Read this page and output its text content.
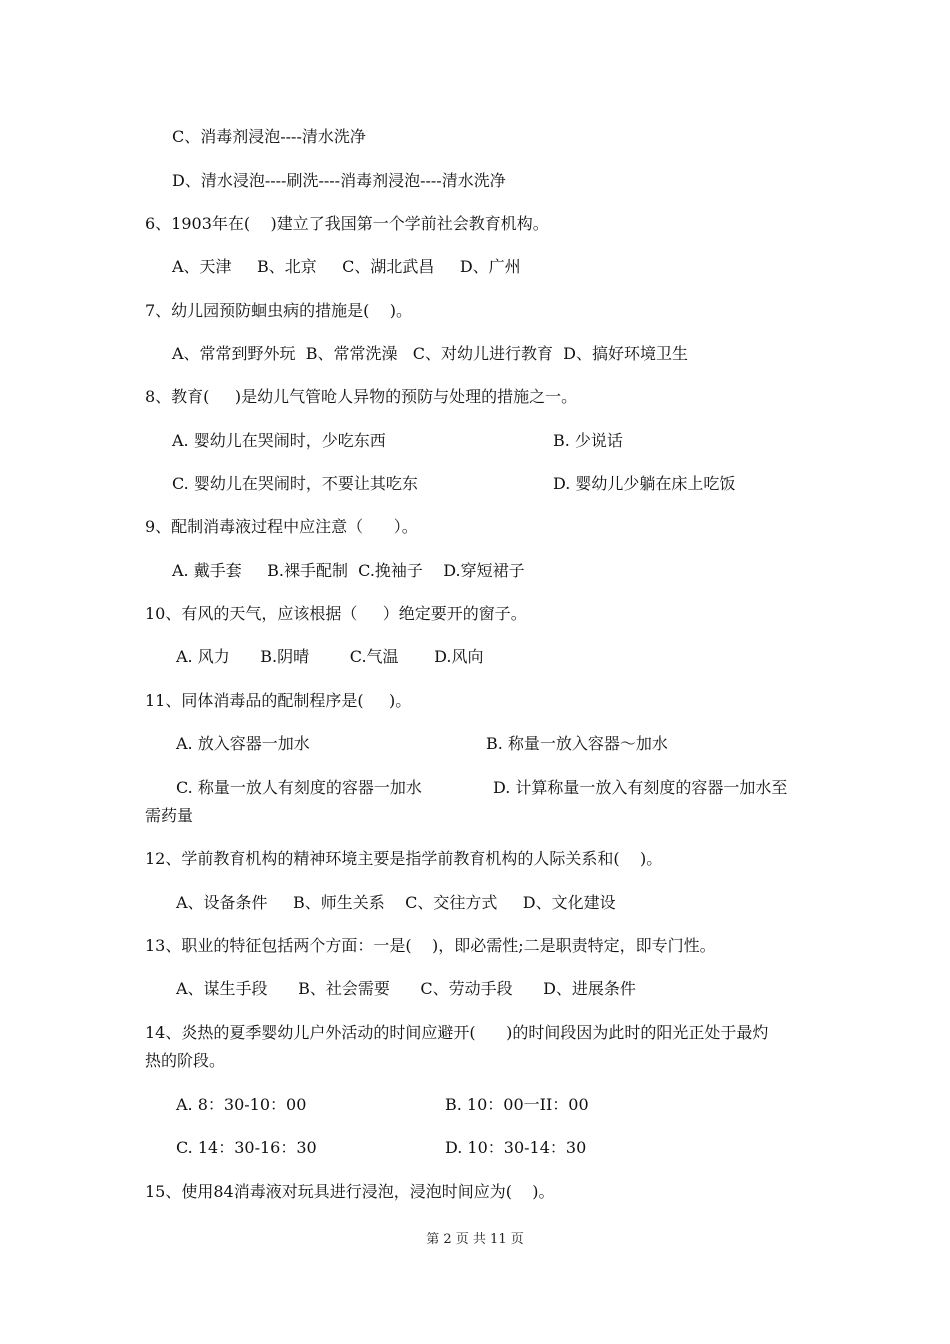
C、消毒剂浸泡----清水洗净
D、清水浸泡----刷洗----消毒剂浸泡----清水洗净
6、1903年在(    )建立了我国第一个学前社会教育机构。
A、天津     B、北京     C、湖北武昌     D、广州
7、幼儿园预防蛔虫病的措施是(    )。
A、常常到野外玩  B、常常洗澡   C、对幼儿进行教育  D、搞好环境卫生
8、教育(     )是幼儿气管呛人异物的预防与处理的措施之一。
A. 婴幼儿在哭闹时，少吃东西	B. 少说话
C. 婴幼儿在哭闹时，不要让其吃东	D. 婴幼儿少躺在床上吃饭
9、配制消毒液过程中应注意（      ）。
A. 戴手套     B.裸手配制  C.挽袖子    D.穿短裙子
10、有风的天气，应该根据（     ）绝定要开的窗子。
A. 风力      B.阴晴        C.气温       D.风向
11、同体消毒品的配制程序是(     )。
A. 放入容器一加水	B. 称量一放入容器～加水
C. 称量一放人有刻度的容器一加水	D. 计算称量一放入有刻度的容器一加水至
需药量
12、学前教育机构的精神环境主要是指学前教育机构的人际关系和(    )。
A、设备条件     B、师生关系    C、交往方式     D、文化建设
13、职业的特征包括两个方面：一是(    )，即必需性;二是职责特定，即专门性。
A、谋生手段      B、社会需要      C、劳动手段      D、进展条件
14、炎热的夏季婴幼儿户外活动的时间应避开(      )的时间段因为此时的阳光正处于最灼
热的阶段。
A. 8：30-10：00	B. 10：00一II：00
C. 14：30-16：30	D. 10：30-14：30
15、使用84消毒液对玩具进行浸泡，浸泡时间应为(    )。
第 2 页 共 11 页
